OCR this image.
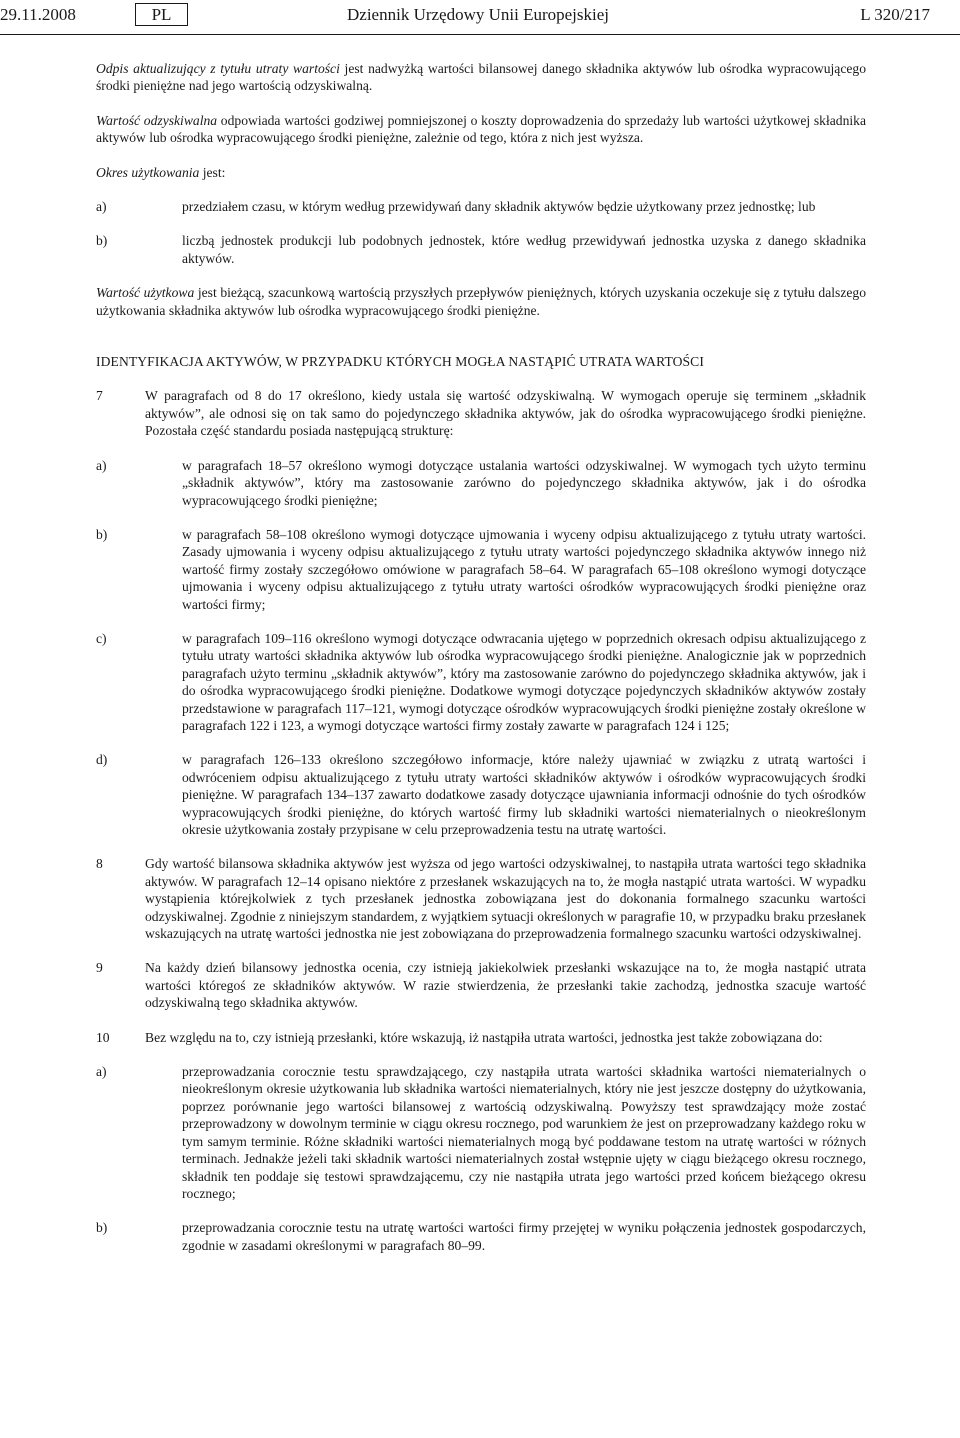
29.11.2008	PL	Dziennik Urzędowy Unii Europejskiej	L 320/217

Odpis aktualizujący z tytułu utraty wartości jest nadwyżką wartości bilansowej danego składnika aktywów lub ośrodka wypracowującego środki pieniężne nad jego wartością odzyskiwalną.

Wartość odzyskiwalna odpowiada wartości godziwej pomniejszonej o koszty doprowadzenia do sprzedaży lub wartości użytkowej składnika aktywów lub ośrodka wypracowującego środki pieniężne, zależnie od tego, która z nich jest wyższa.

Okres użytkowania jest:

a)	przedziałem czasu, w którym według przewidywań dany składnik aktywów będzie użytkowany przez jednostkę; lub
b)	liczbą jednostek produkcji lub podobnych jednostek, które według przewidywań jednostka uzyska z danego składnika aktywów.

Wartość użytkowa jest bieżącą, szacunkową wartością przyszłych przepływów pieniężnych, których uzyskania oczekuje się z tytułu dalszego użytkowania składnika aktywów lub ośrodka wypracowującego środki pieniężne.

IDENTYFIKACJA AKTYWÓW, W PRZYPADKU KTÓRYCH MOGŁA NASTĄPIĆ UTRATA WARTOŚCI

7	W paragrafach od 8 do 17 określono, kiedy ustala się wartość odzyskiwalną. W wymogach operuje się terminem „składnik aktywów”, ale odnosi się on tak samo do pojedynczego składnika aktywów, jak do ośrodka wypracowującego środki pieniężne. Pozostała część standardu posiada następującą strukturę:
a)	w paragrafach 18–57 określono wymogi dotyczące ustalania wartości odzyskiwalnej. W wymogach tych użyto terminu „składnik aktywów”, który ma zastosowanie zarówno do pojedynczego składnika aktywów, jak i do ośrodka wypracowującego środki pieniężne;
b)	w paragrafach 58–108 określono wymogi dotyczące ujmowania i wyceny odpisu aktualizującego z tytułu utraty wartości. Zasady ujmowania i wyceny odpisu aktualizującego z tytułu utraty wartości pojedynczego składnika aktywów innego niż wartość firmy zostały szczegółowo omówione w paragrafach 58–64. W paragrafach 65–108 określono wymogi dotyczące ujmowania i wyceny odpisu aktualizującego z tytułu utraty wartości ośrodków wypracowujących środki pieniężne oraz wartości firmy;
c)	w paragrafach 109–116 określono wymogi dotyczące odwracania ujętego w poprzednich okresach odpisu aktualizującego z tytułu utraty wartości składnika aktywów lub ośrodka wypracowującego środki pieniężne. Analogicznie jak w poprzednich paragrafach użyto terminu „składnik aktywów”, który ma zastosowanie zarówno do pojedynczego składnika aktywów, jak i do ośrodka wypracowującego środki pieniężne. Dodatkowe wymogi dotyczące pojedynczych składników aktywów zostały przedstawione w paragrafach 117–121, wymogi dotyczące ośrodków wypracowujących środki pieniężne zostały określone w paragrafach 122 i 123, a wymogi dotyczące wartości firmy zostały zawarte w paragrafach 124 i 125;
d)	w paragrafach 126–133 określono szczegółowo informacje, które należy ujawniać w związku z utratą wartości i odwróceniem odpisu aktualizującego z tytułu utraty wartości składników aktywów i ośrodków wypracowujących środki pieniężne. W paragrafach 134–137 zawarto dodatkowe zasady dotyczące ujawniania informacji odnośnie do tych ośrodków wypracowujących środki pieniężne, do których wartość firmy lub składniki wartości niematerialnych o nieokreślonym okresie użytkowania zostały przypisane w celu przeprowadzenia testu na utratę wartości.
8	Gdy wartość bilansowa składnika aktywów jest wyższa od jego wartości odzyskiwalnej, to nastąpiła utrata wartości tego składnika aktywów. W paragrafach 12–14 opisano niektóre z przesłanek wskazujących na to, że mogła nastąpić utrata wartości. W wypadku wystąpienia którejkolwiek z tych przesłanek jednostka zobowiązana jest do dokonania formalnego szacunku wartości odzyskiwalnej. Zgodnie z niniejszym standardem, z wyjątkiem sytuacji określonych w paragrafie 10, w przypadku braku przesłanek wskazujących na utratę wartości jednostka nie jest zobowiązana do przeprowadzenia formalnego szacunku wartości odzyskiwalnej.
9	Na każdy dzień bilansowy jednostka ocenia, czy istnieją jakiekolwiek przesłanki wskazujące na to, że mogła nastąpić utrata wartości któregoś ze składników aktywów. W razie stwierdzenia, że przesłanki takie zachodzą, jednostka szacuje wartość odzyskiwalną tego składnika aktywów.
10	Bez względu na to, czy istnieją przesłanki, które wskazują, iż nastąpiła utrata wartości, jednostka jest także zobowiązana do:
a)	przeprowadzania corocznie testu sprawdzającego, czy nastąpiła utrata wartości składnika wartości niematerialnych o nieokreślonym okresie użytkowania lub składnika wartości niematerialnych, który nie jest jeszcze dostępny do użytkowania, poprzez porównanie jego wartości bilansowej z wartością odzyskiwalną. Powyższy test sprawdzający może zostać przeprowadzony w dowolnym terminie w ciągu okresu rocznego, pod warunkiem że jest on przeprowadzany każdego roku w tym samym terminie. Różne składniki wartości niematerialnych mogą być poddawane testom na utratę wartości w różnych terminach. Jednakże jeżeli taki składnik wartości niematerialnych został wstępnie ujęty w ciągu bieżącego okresu rocznego, składnik ten poddaje się testowi sprawdzającemu, czy nie nastąpiła utrata jego wartości przed końcem bieżącego okresu rocznego;
b)	przeprowadzania corocznie testu na utratę wartości wartości firmy przejętej w wyniku połączenia jednostek gospodarczych, zgodnie w zasadami określonymi w paragrafach 80–99.
